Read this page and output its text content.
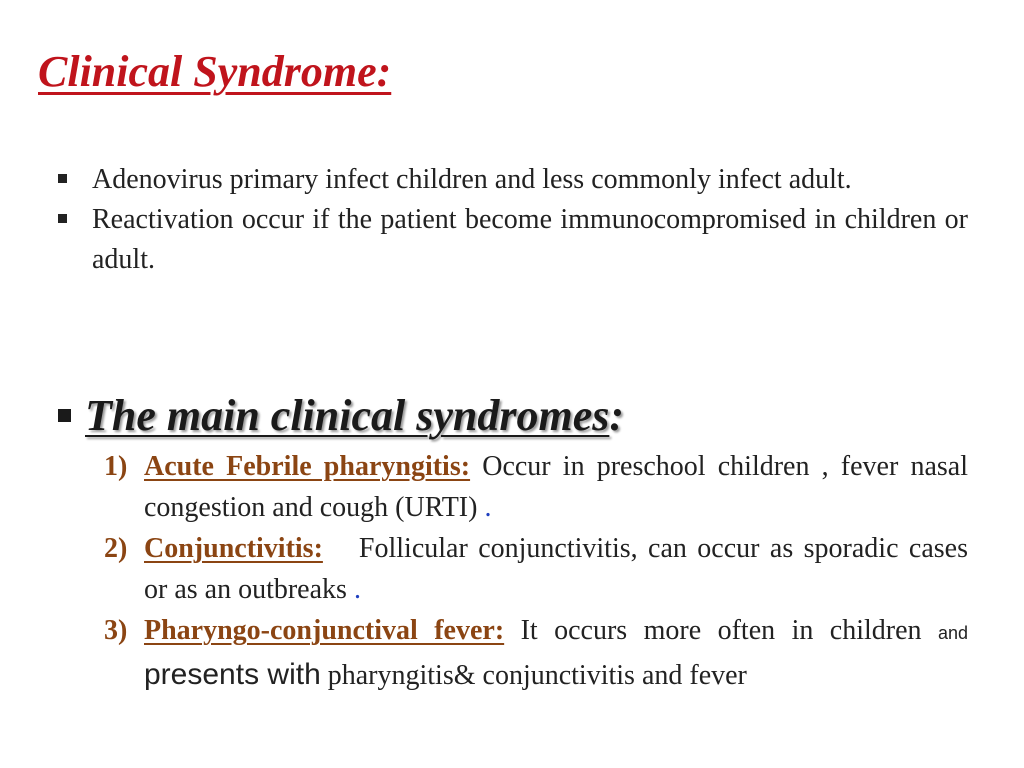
Clinical Syndrome:
Adenovirus primary infect children and less commonly infect adult.
Reactivation occur if the patient become immunocompromised in children or adult.
The main clinical syndromes:
1) Acute Febrile pharyngitis: Occur in preschool children , fever nasal congestion and cough (URTI) .
2) Conjunctivitis: Follicular conjunctivitis, can occur as sporadic cases or as an outbreaks .
3) Pharyngo-conjunctival fever: It occurs more often in children and presents with pharyngitis& conjunctivitis and fever
